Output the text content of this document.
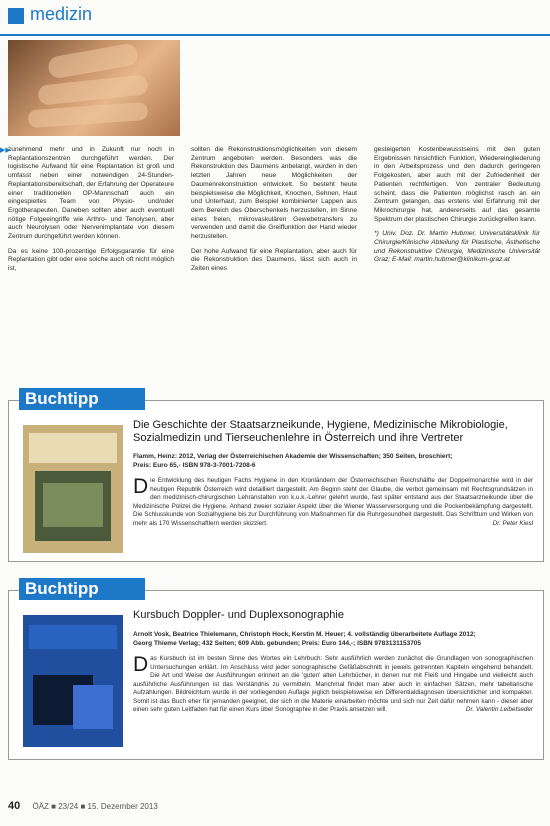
medizin
▶▶

zunehmend mehr und in Zukunft nur noch in Replantationszentren durchgeführt werden. Der logistische Aufwand für eine Replantation ist groß und umfasst neben einer notwendigen 24-Stunden-Replantationsbereitschaft, der Erfahrung der Operateure einer traditionellen OP-Mannschaft auch ein eingespieltes Team von Physio- und/oder Ergotherapeuten. Daneben sollten aber auch eventuell nötige Folgeeingriffe wie Arthro- und Tenolysen, aber auch Neurolysen oder Nervenimplantate von diesem Zentrum durchgeführt werden können.

Da es keine 100-prozentige Erfolgsgarantie für eine Replantation gibt oder eine solche auch oft nicht möglich ist,

sollten die Rekonstruktionsmöglichkeiten von diesem Zentrum angeboten werden. Besonders was die Rekonstruktion des Daumens anbelangt, wurden in den letzten Jahren neue Möglichkeiten der Daumenrekonstruktion entwickelt. So besteht heute beispielsweise die Möglichkeit, Knochen, Sehnen, Haut und Unterhaut, zum Beispiel kombinierter Lappen aus dem Bereich des Oberschenkels herzustellen, im Sinne eines freien, mikrovaskulären Gewebetransfers zu verwenden und damit die Greiffunktion der Hand wieder herzustellen.

Der hohe Aufwand für eine Replantation, aber auch für die Rekonstruktion des Daumens, lässt sich auch in Zeiten eines

gesteigerten Kostenbewusstseins mit den guten Ergebnissen hinsichtlich Funktion, Wiedereingliederung in den Arbeitsprozess und den dadurch geringeren Folgekosten, aber auch mit der Zufriedenheit der Patienten rechtfertigen. Von zentraler Bedeutung scheint, dass die Patienten möglichst rasch an ein Zentrum gelangen, das erstens viel Erfahrung mit der Mikrochirurgie hat, andererseits auf das gesamte Spektrum der plastischen Chirurgie zurückgreifen kann.

*) Univ. Doz. Dr. Martin Hubmer, Universitätsklinik für Chirurgie/Klinische Abteilung für Plastische, Ästhetische und Rekonstruktive Chirurgie, Medizinische Universität Graz; E-Mail: martin.hubmer@klinikum-graz.at

Buchtipp
Die Geschichte der Staatsarzneikunde, Hygiene, Medizinische Mikrobiologie, Sozialmedizin und Tierseuchenlehre in Österreich und ihre Vertreter
Flamm, Heinz: 2012, Verlag der Österreichischen Akademie der Wissenschaften; 350 Seiten, broschiert;
Preis: Euro 65,- ISBN 978-3-7001-7208-6
Die Entwicklung des heutigen Fachs Hygiene in den Kronländern der Österreichischen Reichshälfte der Doppelmonarchie wird in der heutigen Republik Österreich wird detailliert dargestellt. Am Beginn steht der Glaube, die verbot gemeinsam mit Rechtsgrundsätzen in den medizinisch-chirurgischen Lehranstalten von k.u.k.-Lehrer gelehrt wurde, fast später entstand aus der Staatsarzneikunde über die Medizinische Polizei die Hygiene. Anhand zweier sozialer Aspekt über die Wiener Wasserversorgung und die Pockenbekämpfung dargestellt. Die Schlusskunde von Sozialhygiene bis zur Durchführung von Maßnahmen für die Ruhrgesundheit dargestellt. Das Schrifttum und Wirken von mehr als 170 Wissenschaftlern werden skizziert.	Dr. Peter Kiesl
Buchtipp
Kursbuch Doppler- und Duplexsonographie
Arnolt Vosk, Beatrice Thielemann, Christoph Hock, Kerstin M. Heuer; 4. vollständig überarbeitete Auflage 2012;
Georg Thieme Verlag; 432 Seiten; 609 Abb. gebunden; Preis: Euro 144,-; ISBN 9783131153705
Das Kursbuch ist im besten Sinne des Wortes ein Lehrbuch: Sehr ausführlich werden zunächst die Grundlagen von sonographischen Untersuchungen erklärt. Im Anschluss wird jeder sonographische Gefäßabschnitt in jeweils getrennten Kapiteln eingehend behandelt. Die Art und Weise der Ausführungen erinnert an die 'guten' alten Lehrbücher, in denen nur mit Fleiß und Hingabe und vielleicht auch ausführliche Ausführungen ist das Verständnis zu vermitteln. Manchmal findet man aber auch in einfachen Sätzen, mehr tabellarische Aufzählungen. Bildreichtum wurde in der vorliegenden Auflage jeglich beispielsweise ein Differentialdiagnosen übersichtlicher und kompakter. Somit ist das Buch eher für jemanden geeignet, der sich in die Materie einarbeiten möchte und sich nur Zeit dafür nehmen kann - dieser aber einen sehr guten Leitfaden hat für einen Kurs über Sonographie in der Praxis ansetzen will.	Dr. Valentin Leibetseder
40 ÖÄZ ■ 23/24 ■ 15. Dezember 2013
